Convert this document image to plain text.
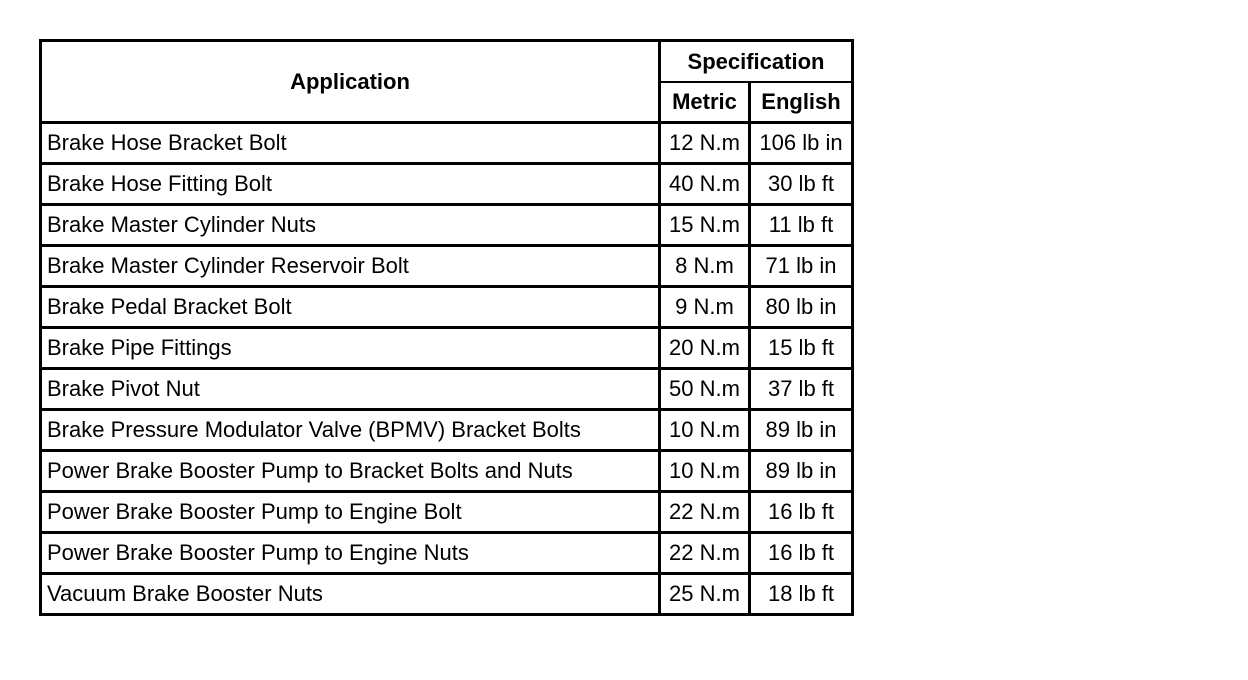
Application	Specification	
	Metric	English
Brake Hose Bracket Bolt	12 N.m	106 lb in
Brake Hose Fitting Bolt	40 N.m	30 lb ft
Brake Master Cylinder Nuts	15 N.m	11 lb ft
Brake Master Cylinder Reservoir Bolt	8 N.m	71 lb in
Brake Pedal Bracket Bolt	9 N.m	80 lb in
Brake Pipe Fittings	20 N.m	15 lb ft
Brake Pivot Nut	50 N.m	37 lb ft
Brake Pressure Modulator Valve (BPMV) Bracket Bolts	10 N.m	89 lb in
Power Brake Booster Pump to Bracket Bolts and Nuts	10 N.m	89 lb in
Power Brake Booster Pump to Engine Bolt	22 N.m	16 lb ft
Power Brake Booster Pump to Engine Nuts	22 N.m	16 lb ft
Vacuum Brake Booster Nuts	25 N.m	18 lb ft
